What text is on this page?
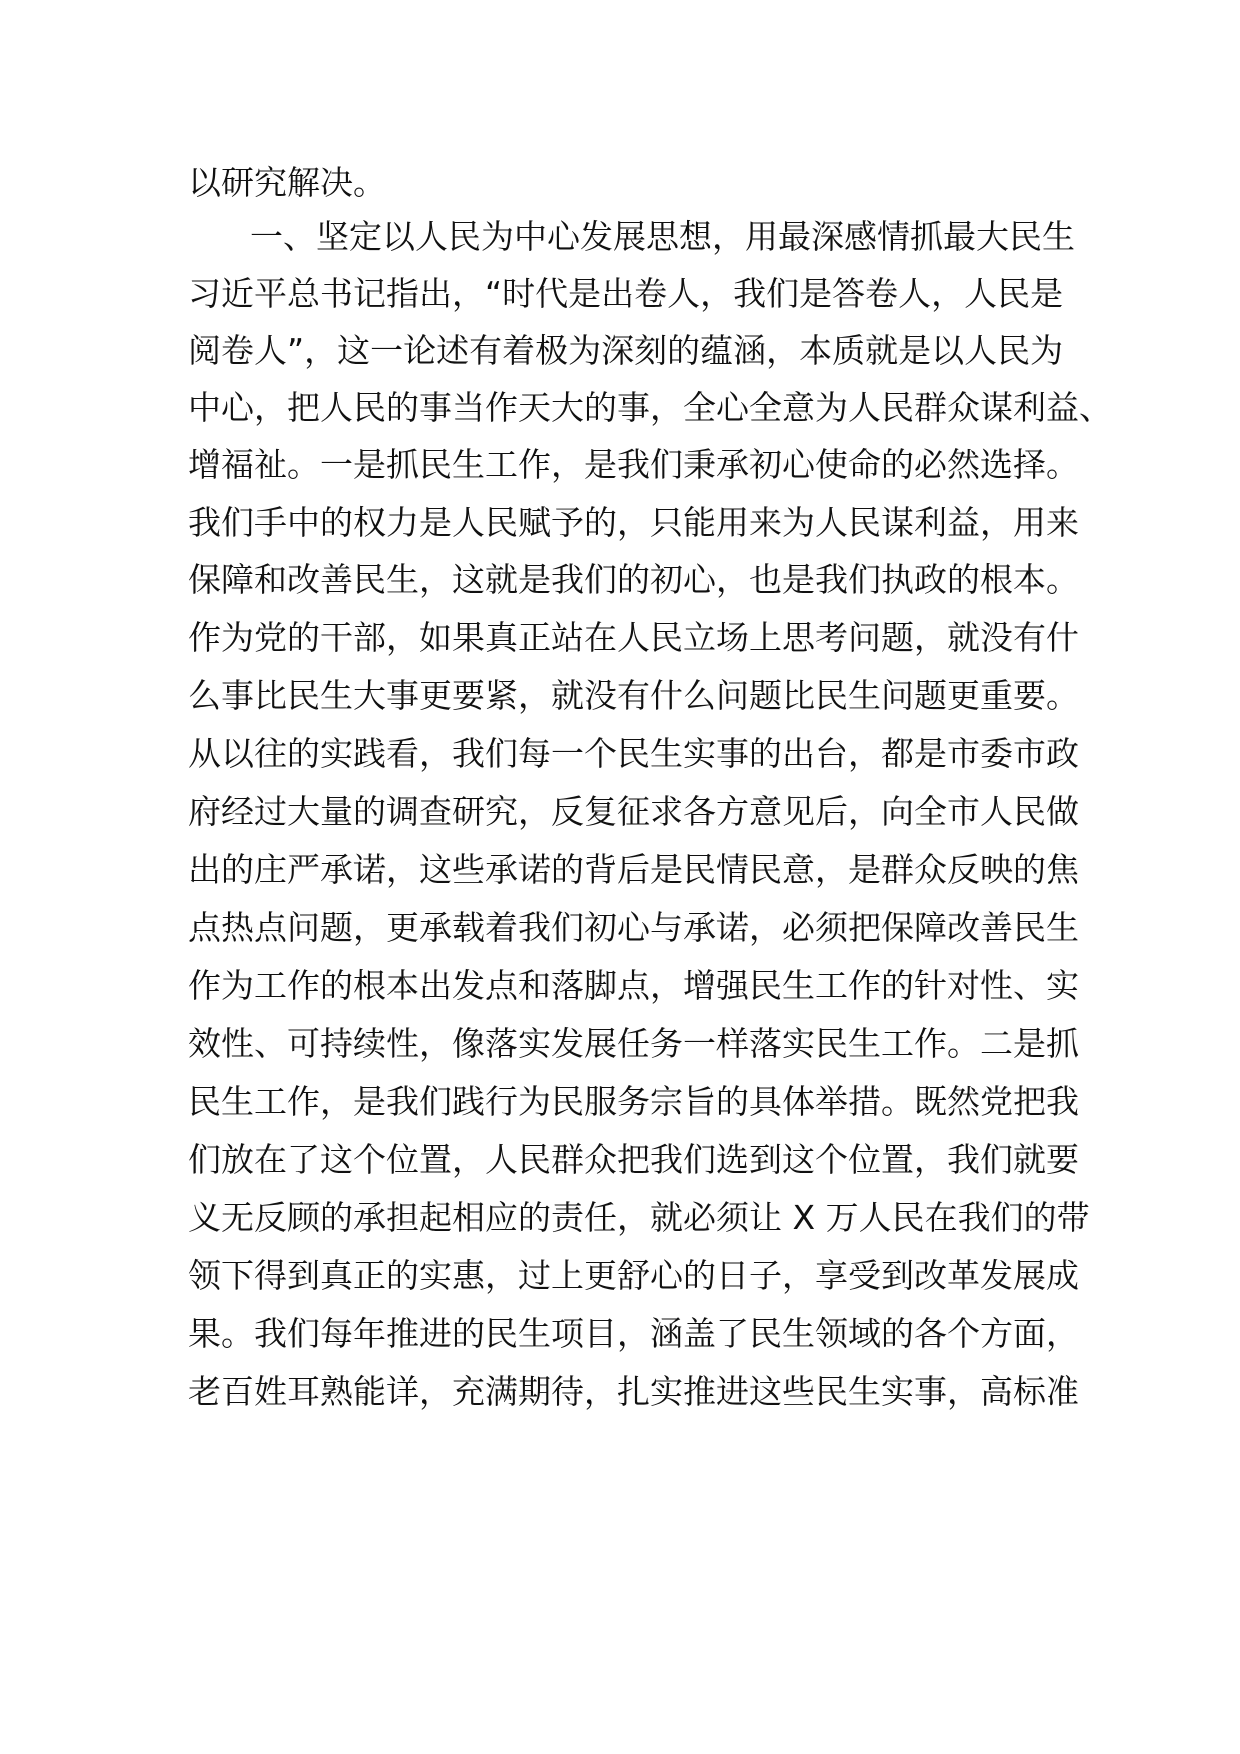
以研究解决。
一、坚定以人民为中心发展思想，用最深感情抓最大民生
习近平总书记指出，“时代是出卷人，我们是答卷人，人民是
阅卷人”，这一论述有着极为深刻的蕴涵，本质就是以人民为
中心，把人民的事当作天大的事，全心全意为人民群众谋利益、
增福祉。一是抓民生工作，是我们秉承初心使命的必然选择。
我们手中的权力是人民赋予的，只能用来为人民谋利益，用来
保障和改善民生，这就是我们的初心，也是我们执政的根本。
作为党的干部，如果真正站在人民立场上思考问题，就没有什
么事比民生大事更要紧，就没有什么问题比民生问题更重要。
从以往的实践看，我们每一个民生实事的出台，都是市委市政
府经过大量的调查研究，反复征求各方意见后，向全市人民做
出的庄严承诺，这些承诺的背后是民情民意，是群众反映的焦
点热点问题，更承载着我们初心与承诺，必须把保障改善民生
作为工作的根本出发点和落脚点，增强民生工作的针对性、实
效性、可持续性，像落实发展任务一样落实民生工作。二是抓
民生工作，是我们践行为民服务宗旨的具体举措。既然党把我
们放在了这个位置，人民群众把我们选到这个位置，我们就要
义无反顾的承担起相应的责任，就必须让 X 万人民在我们的带
领下得到真正的实惠，过上更舒心的日子，享受到改革发展成
果。我们每年推进的民生项目，涵盖了民生领域的各个方面，
老百姓耳熟能详，充满期待，扎实推进这些民生实事，高标准
